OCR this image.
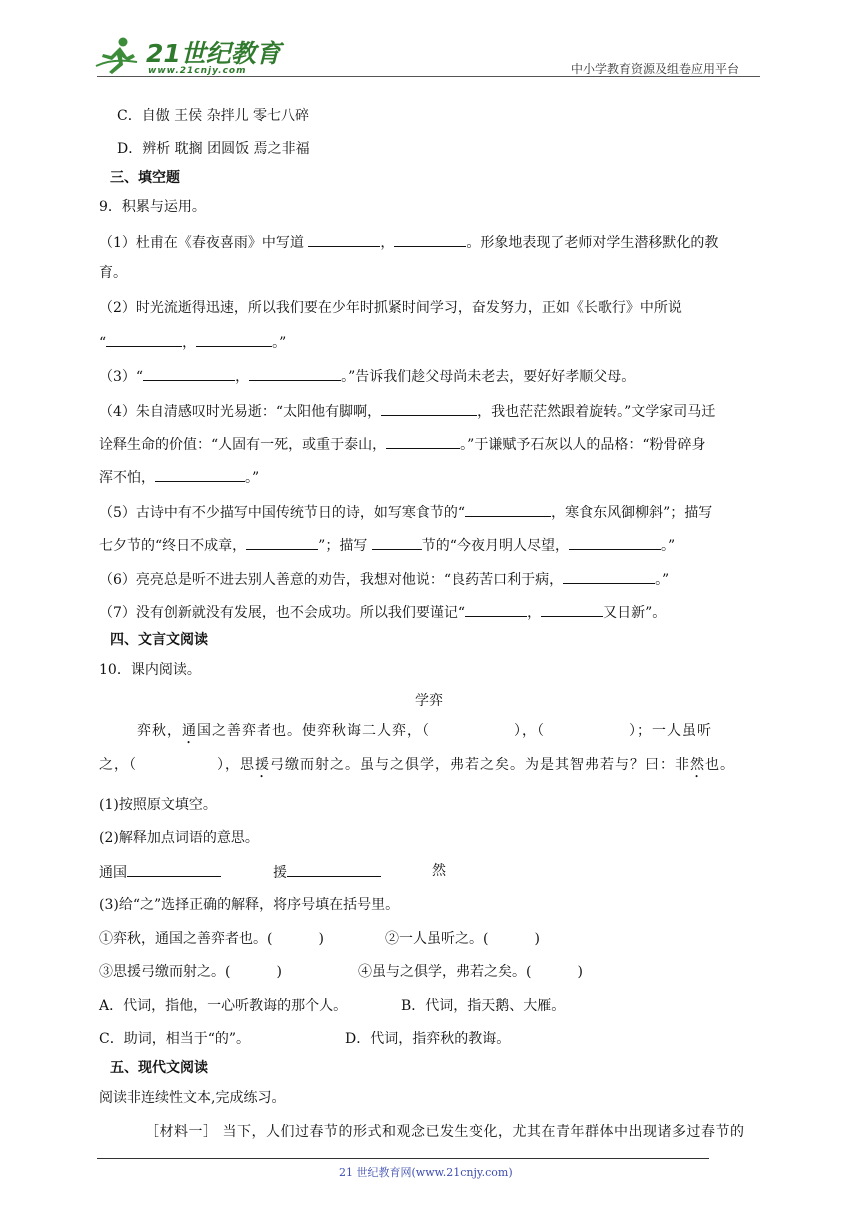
21世纪教育
www.21cnjy.com	中小学教育资源及组卷应用平台
C．自傲 王侯 杂拌儿 零七八碎
D．辨析 耽搁 团圆饭 焉之非福
三、填空题
9．积累与运用。
（1）杜甫在《春夜喜雨》中写道	，	。形象地表现了老师对学生潜移默化的教
育。
（2）时光流逝得迅速，所以我们要在少年时抓紧时间学习，奋发努力，正如《长歌行》中所说
“	，	。”
（3）“	，	。”告诉我们趁父母尚未老去，要好好孝顺父母。
（4）朱自清感叹时光易逝：“太阳他有脚啊，	，我也茫茫然跟着旋转。”文学家司马迁
诠释生命的价值：“人固有一死，或重于泰山，	。”于谦赋予石灰以人的品格：“粉骨碎身
浑不怕，	。”
（5）古诗中有不少描写中国传统节日的诗，如写寒食节的“	，寒食东风御柳斜”；描写
七夕节的“终日不成章，	”；描写	节的“今夜月明人尽望，	。”
（6）亮亮总是听不进去别人善意的劝告，我想对他说：“良药苦口利于病，	。”
（7）没有创新就没有发展，也不会成功。所以我们要谨记“	，	又日新”。
四、文言文阅读
10．课内阅读。
学弈
弈秋，通国之善弈者也。使弈秋诲二人弈，（	），（	）；一人虽听
之，（	），思援弓缴而射之。虽与之俱学，弗若之矣。为是其智弗若与？曰：非然也。
(1)按照原文填空。
(2)解释加点词语的意思。
通国	援	然
(3)给“之”选择正确的解释，将序号填在括号里。
①弈秋，通国之善弈者也。(	)	②一人虽听之。(	)
③思援弓缴而射之。(	)	④虽与之俱学，弗若之矣。(	)
A．代词，指他，一心听教诲的那个人。	B．代词，指天鹅、大雁。
C．助词，相当于“的”。	D．代词，指弈秋的教诲。
五、现代文阅读
阅读非连续性文本,完成练习。
［材料一］ 当下，人们过春节的形式和观念已发生变化，尤其在青年群体中出现诸多过春节的
21 世纪教育网(www.21cnjy.com)
